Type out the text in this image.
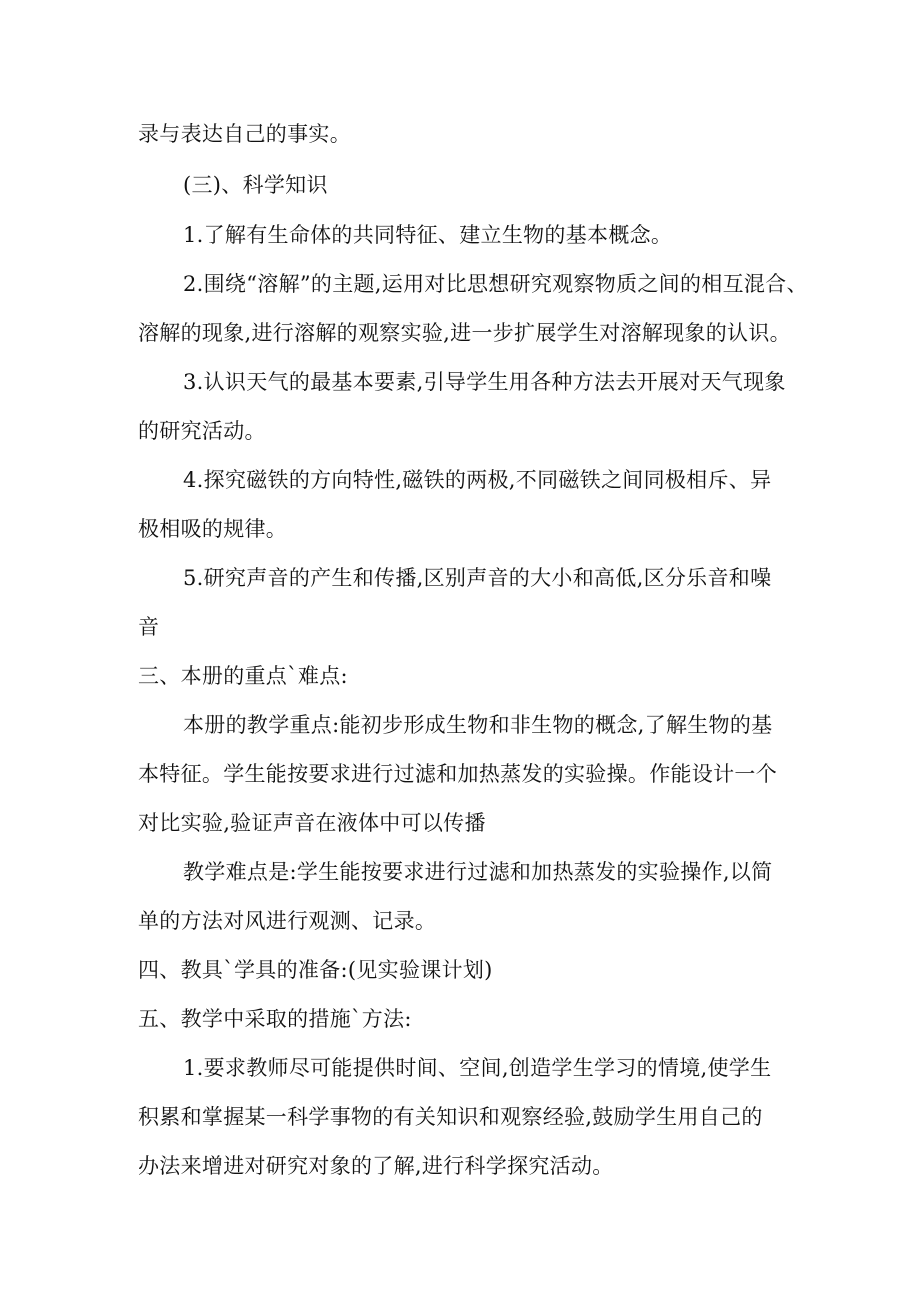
录与表达自己的事实。
(三)、科学知识
1.了解有生命体的共同特征、建立生物的基本概念。
2.围绕“溶解”的主题,运用对比思想研究观察物质之间的相互混合、
溶解的现象,进行溶解的观察实验,进一步扩展学生对溶解现象的认识。
3.认识天气的最基本要素,引导学生用各种方法去开展对天气现象
的研究活动。
4.探究磁铁的方向特性,磁铁的两极,不同磁铁之间同极相斥、异
极相吸的规律。
5.研究声音的产生和传播,区别声音的大小和高低,区分乐音和噪
音
三、本册的重点`难点:
本册的教学重点:能初步形成生物和非生物的概念,了解生物的基
本特征。学生能按要求进行过滤和加热蒸发的实验操。作能设计一个
对比实验,验证声音在液体中可以传播
教学难点是:学生能按要求进行过滤和加热蒸发的实验操作,以简
单的方法对风进行观测、记录。
四、教具`学具的准备:(见实验课计划)
五、教学中采取的措施`方法:
1.要求教师尽可能提供时间、空间,创造学生学习的情境,使学生
积累和掌握某一科学事物的有关知识和观察经验,鼓励学生用自己的
办法来增进对研究对象的了解,进行科学探究活动。
